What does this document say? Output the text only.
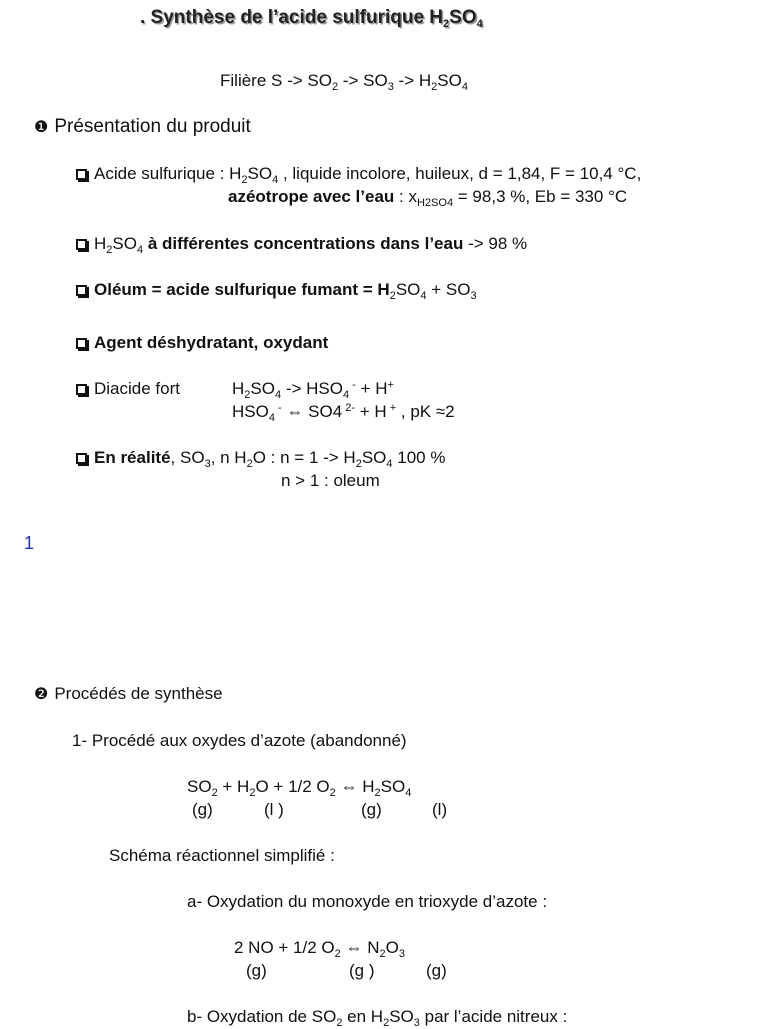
. Synthèse de l’acide sulfurique $H_2SO_4$
Filière $S -> SO_2 -> SO_3 -> H_2SO_4$
❶ Présentation du produit
Acide sulfurique : $H_2SO_4$ , liquide incolore, huileux, d = 1,84, F = 10,4 °C,
azéotrope avec l’eau : $x_{H2SO4} = 98,3$ %, Eb = 330 °C
$H_2SO_4$ à différentes concentrations dans l’eau -> 98 %
Oléum = acide sulfurique fumant = $H_2SO_4 + SO_3$
Agent déshydratant, oxydant
Diacide fort	$H_2SO_4 -> HSO_4$ - + H+
$HSO_4$ - ⇔ SO4 $^{2-}$ + H + , pK ≈2
En réalité, $SO_3$, n $H_2O$ : $n = 1 -> H_2SO_4$ 100 %
n > 1 : oleum
1
❷ Procédés de synthèse
1- Procédé aux oxydes d’azote (abandonné)
$SO_2 + H_2O + 1/2$ $O_2$ ⇔ $H_2SO_4$
(g)	(l )	(g)	(l)
Schéma réactionnel simplifié :
a- Oxydation du monoxyde en trioxyde d’azote :
2 NO + 1/2 $O_2$ ⇔ $N_2O_3$
(g)	(g )	(g)
b- Oxydation de $SO_2$ en $H_2SO_3$ par l’acide nitreux :
